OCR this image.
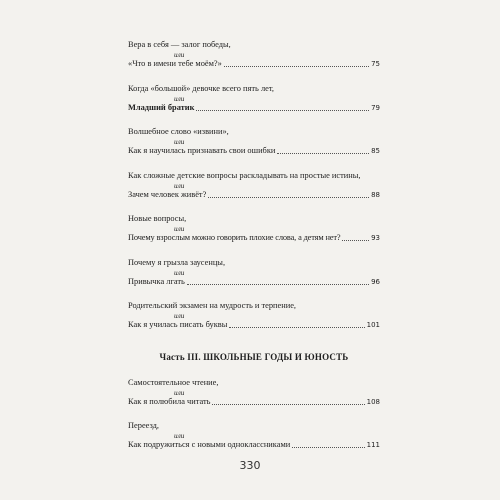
Вера в себя — залог победы,
или
«Что в имени тебе моём?»	75
Когда «большой» девочке всего пять лет,
или
Младший братик	79
Волшебное слово «извини»,
или
Как я научилась признавать свои ошибки	85
Как сложные детские вопросы раскладывать на простые истины,
или
Зачем человек живёт?	88
Новые вопросы,
или
Почему взрослым можно говорить плохие слова, а детям нет?	93
Почему я грызла заусенцы,
или
Привычка лгать	96
Родительский экзамен на мудрость и терпение,
или
Как я училась писать буквы	101
Часть III. ШКОЛЬНЫЕ ГОДЫ И ЮНОСТЬ
Самостоятельное чтение,
или
Как я полюбила читать	108
Переезд,
или
Как подружиться с новыми одноклассниками	111
330
